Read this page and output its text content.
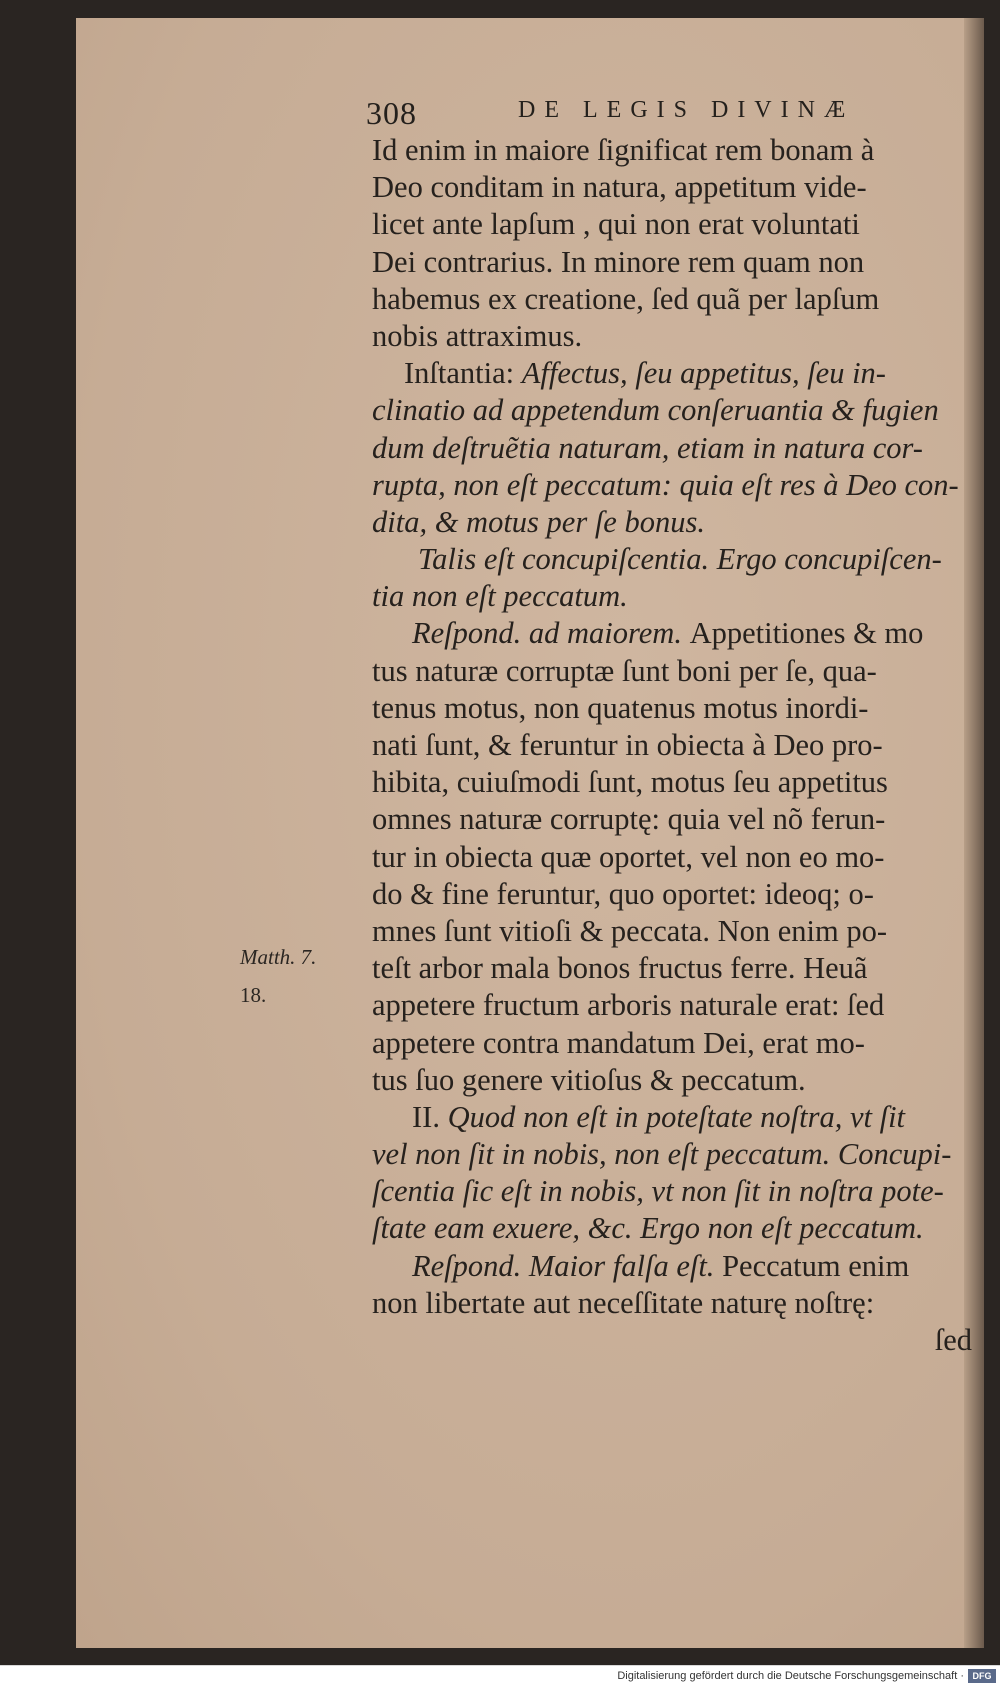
308	DE LEGIS DIVINÆ
Id enim in maiore ſignificat rem bonam à
Deo conditam in natura, appetitum vide-
licet ante lapſum , qui non erat voluntati
Dei contrarius. In minore rem quam non
habemus ex creatione, ſed quã per lapſum
nobis attraximus.
Inſtantia: Affectus, ſeu appetitus, ſeu in-
clinatio ad appetendum conſeruantia & fugien
dum deſtruẽtia naturam, etiam in natura cor-
rupta, non eſt peccatum: quia eſt res à Deo con-
dita, & motus per ſe bonus.
Talis eſt concupiſcentia. Ergo concupiſcen-
tia non eſt peccatum.
Reſpond. ad maiorem. Appetitiones & mo
tus naturæ corruptæ ſunt boni per ſe, qua-
tenus motus, non quatenus motus inordi-
nati ſunt, & feruntur in obiecta à Deo pro-
hibita, cuiuſmodi ſunt, motus ſeu appetitus
omnes naturæ corruptę: quia vel nõ ferun-
tur in obiecta quæ oportet, vel non eo mo-
do & fine feruntur, quo oportet: ideoq; o-
mnes ſunt vitioſi & peccata. Non enim po-
teſt arbor mala bonos fructus ferre. Heuã
appetere fructum arboris naturale erat: ſed
appetere contra mandatum Dei, erat mo-
tus ſuo genere vitioſus & peccatum.
II. Quod non eſt in poteſtate noſtra, vt ſit
vel non ſit in nobis, non eſt peccatum. Concupi-
ſcentia ſic eſt in nobis, vt non ſit in noſtra pote-
ſtate eam exuere, &c. Ergo non eſt peccatum.
Reſpond. Maior falſa eſt. Peccatum enim
non libertate aut neceſſitate naturę noſtrę:
ſed
Matth. 7.
18.
Digitalisierung gefördert durch die Deutsche Forschungsgemeinschaft · DFG
